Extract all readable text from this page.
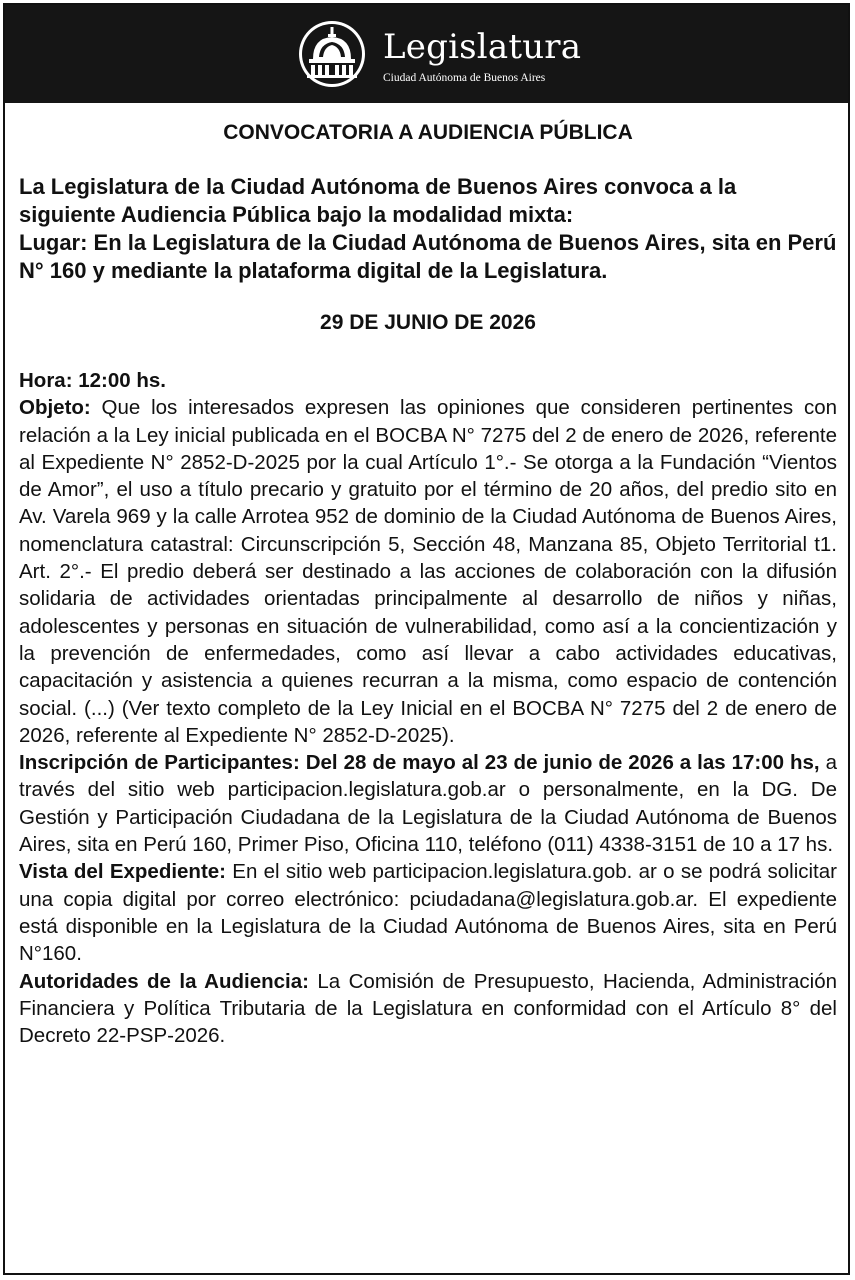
Legislatura
Ciudad Autónoma de Buenos Aires
CONVOCATORIA A AUDIENCIA PÚBLICA

La Legislatura de la Ciudad Autónoma de Buenos Aires convoca a la siguiente Audiencia Pública bajo la modalidad mixta:

Lugar: En la Legislatura de la Ciudad Autónoma de Buenos Aires, sita en Perú N° 160 y mediante la plataforma digital de la Legislatura.

29 DE JUNIO DE 2026

Hora: 12:00 hs.

Objeto: Que los interesados expresen las opiniones que consideren pertinentes con relación a la Ley inicial publicada en el BOCBA N° 7275 del 2 de enero de 2026, referente al Expediente N° 2852-D-2025 por la cual Artículo 1°.- Se otorga a la Fundación “Vientos de Amor”, el uso a título precario y gratuito por el término de 20 años, del predio sito en Av. Varela 969 y la calle Arrotea 952 de dominio de la Ciudad Autónoma de Buenos Aires, nomenclatura catastral: Circunscripción 5, Sección 48, Manzana 85, Objeto Territorial t1. Art. 2°.- El predio deberá ser destinado a las acciones de colaboración con la difusión solidaria de actividades orientadas principalmente al desarrollo de niños y niñas, adolescentes y personas en situación de vulnerabilidad, como así a la concientización y la prevención de enfermedades, como así llevar a cabo actividades educativas, capacitación y asistencia a quienes recurran a la misma, como espacio de contención social. (...) (Ver texto completo de la Ley Inicial en el BOCBA N° 7275 del 2 de enero de 2026, referente al Expediente N° 2852-D-2025).

Inscripción de Participantes: Del 28 de mayo al 23 de junio de 2026 a las 17:00 hs, a través del sitio web participacion.legislatura.gob.ar o personalmente, en la DG. De Gestión y Participación Ciudadana de la Legislatura de la Ciudad Autónoma de Buenos Aires, sita en Perú 160, Primer Piso, Oficina 110, teléfono (011) 4338-3151 de 10 a 17 hs.

Vista del Expediente: En el sitio web participacion.legislatura.gob. ar o se podrá solicitar una copia digital por correo electrónico: pciudadana@legislatura.gob.ar. El expediente está disponible en la Legislatura de la Ciudad Autónoma de Buenos Aires, sita en Perú N°160.

Autoridades de la Audiencia: La Comisión de Presupuesto, Hacienda, Administración Financiera y Política Tributaria de la Legislatura en conformidad con el Artículo 8° del Decreto 22-PSP-2026.
